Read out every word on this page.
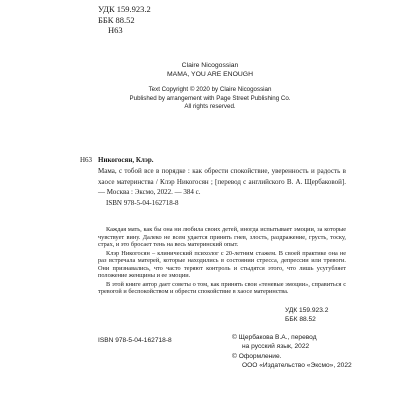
УДК 159.923.2
ББК 88.52
Н63
Claire Nicogossian
MAMA, YOU ARE ENOUGH
Text Copyright © 2020 by Claire Nicogossian
Published by arrangement with Page Street Publishing Co.
All rights reserved.
Н63 Никогосян, Клэр.
Мама, с тобой все в порядке : как обрести спокойствие, уверенность и радость в хаосе материнства / Клэр Никогосян ; [перевод с английского В. А. Щербаковой]. — Москва : Эксмо, 2022. — 384 с.
ISBN 978-5-04-162718-8

Каждая мать, как бы она ни любила своих детей, иногда испытывает эмоции, за которые чувствует вину. Далеко не всем удается принять гнев, злость, раздражение, грусть, тоску, страх, и это бросает тень на весь материнский опыт.

Клэр Никогосян – клинический психолог с 20-летним стажем. В своей практике она не раз встречала матерей, которые находились в состоянии стресса, депрессии или тревоги. Они признавались, что часто теряют контроль и стыдятся этого, что лишь усугубляет положение женщины и ее эмоции.

В этой книге автор дает советы о том, как принять свои «теневые эмоции», справиться с тревогой и беспокойством и обрести спокойствие в хаосе материнства.

УДК 159.923.2
ББК 88.52
ISBN 978-5-04-162718-8	© Щербакова В.А., перевод
на русский язык, 2022
© Оформление.
ООО «Издательство «Эксмо», 2022
